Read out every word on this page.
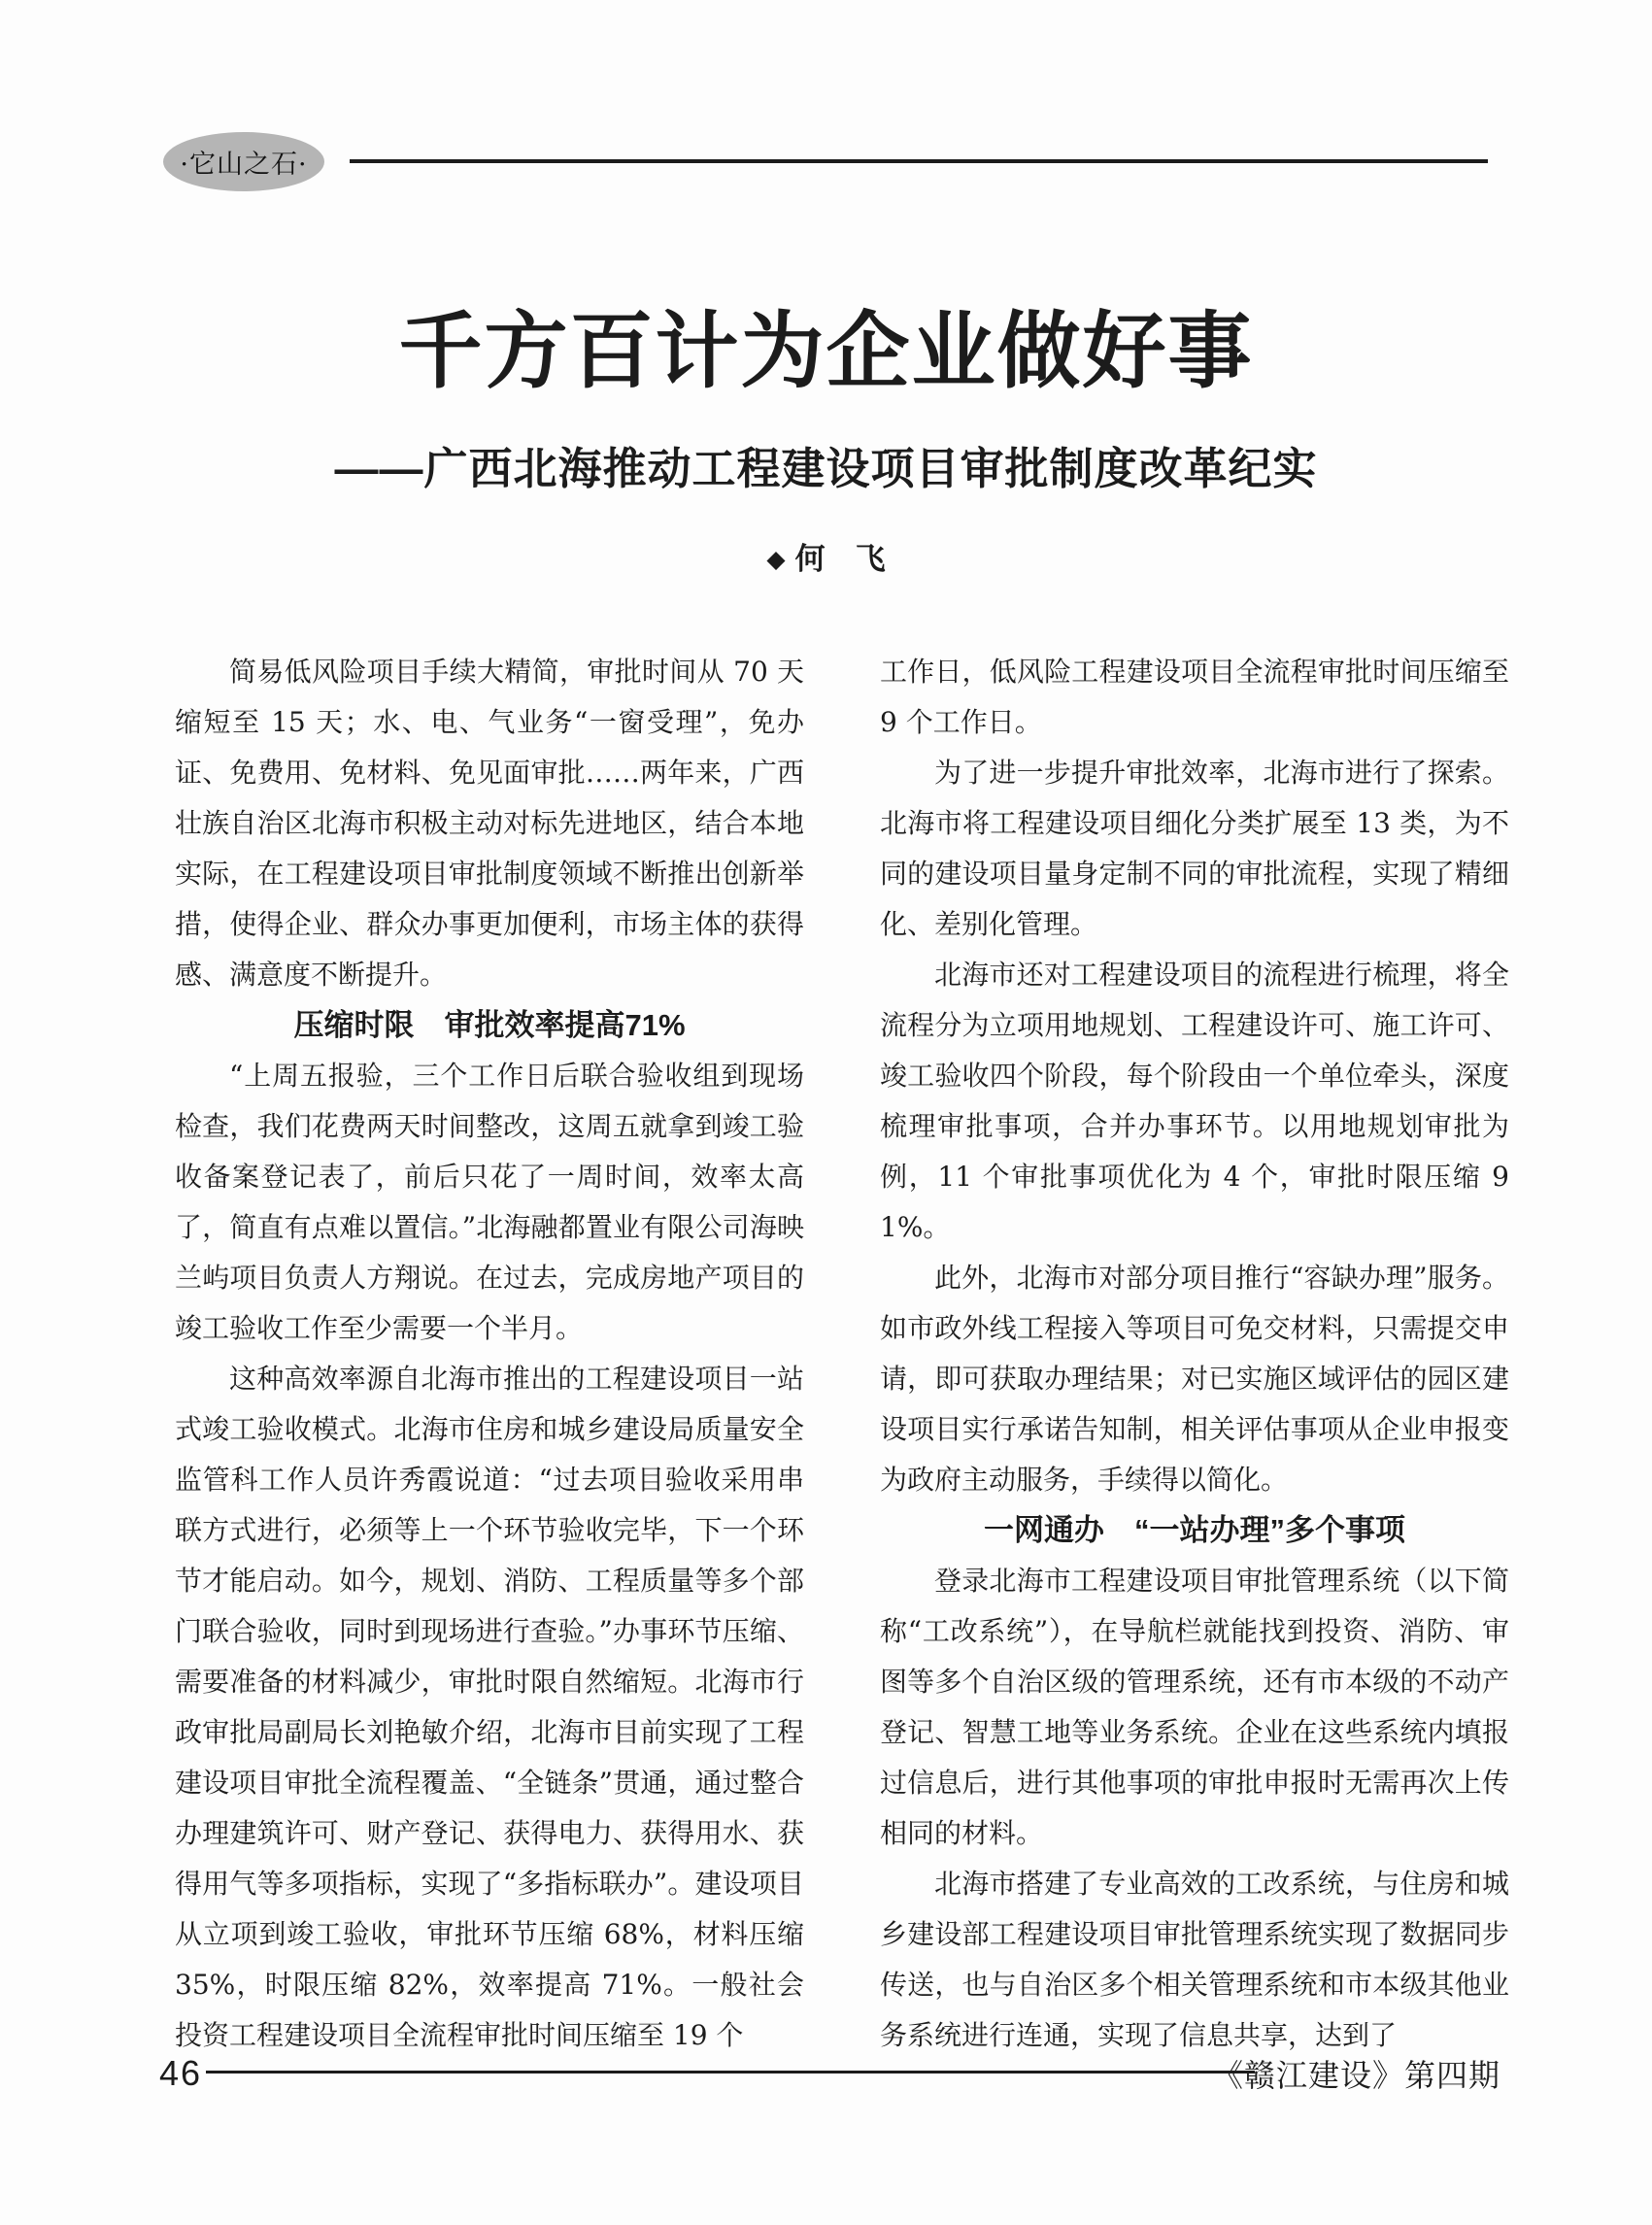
·它山之石·
千方百计为企业做好事
——广西北海推动工程建设项目审批制度改革纪实
◆ 何　飞

简易低风险项目手续大精简，审批时间从 70 天缩短至 15 天；水、电、气业务“一窗受理”，免办证、免费用、免材料、免见面审批……两年来，广西壮族自治区北海市积极主动对标先进地区，结合本地实际，在工程建设项目审批制度领域不断推出创新举措，使得企业、群众办事更加便利，市场主体的获得感、满意度不断提升。

压缩时限　审批效率提高71%

“上周五报验，三个工作日后联合验收组到现场检查，我们花费两天时间整改，这周五就拿到竣工验收备案登记表了，前后只花了一周时间，效率太高了，简直有点难以置信。”北海融都置业有限公司海映兰屿项目负责人方翔说。在过去，完成房地产项目的竣工验收工作至少需要一个半月。

这种高效率源自北海市推出的工程建设项目一站式竣工验收模式。北海市住房和城乡建设局质量安全监管科工作人员许秀霞说道：“过去项目验收采用串联方式进行，必须等上一个环节验收完毕，下一个环节才能启动。如今，规划、消防、工程质量等多个部门联合验收，同时到现场进行查验。”办事环节压缩、需要准备的材料减少，审批时限自然缩短。北海市行政审批局副局长刘艳敏介绍，北海市目前实现了工程建设项目审批全流程覆盖、“全链条”贯通，通过整合办理建筑许可、财产登记、获得电力、获得用水、获得用气等多项指标，实现了“多指标联办”。建设项目从立项到竣工验收，审批环节压缩 68%，材料压缩 35%，时限压缩 82%，效率提高 71%。一般社会投资工程建设项目全流程审批时间压缩至 19 个

工作日，低风险工程建设项目全流程审批时间压缩至 9 个工作日。

为了进一步提升审批效率，北海市进行了探索。北海市将工程建设项目细化分类扩展至 13 类，为不同的建设项目量身定制不同的审批流程，实现了精细化、差别化管理。

北海市还对工程建设项目的流程进行梳理，将全流程分为立项用地规划、工程建设许可、施工许可、竣工验收四个阶段，每个阶段由一个单位牵头，深度梳理审批事项，合并办事环节。以用地规划审批为例，11 个审批事项优化为 4 个，审批时限压缩 91%。

此外，北海市对部分项目推行“容缺办理”服务。如市政外线工程接入等项目可免交材料，只需提交申请，即可获取办理结果；对已实施区域评估的园区建设项目实行承诺告知制，相关评估事项从企业申报变为政府主动服务，手续得以简化。

一网通办　“一站办理”多个事项

登录北海市工程建设项目审批管理系统（以下简称“工改系统”），在导航栏就能找到投资、消防、审图等多个自治区级的管理系统，还有市本级的不动产登记、智慧工地等业务系统。企业在这些系统内填报过信息后，进行其他事项的审批申报时无需再次上传相同的材料。

北海市搭建了专业高效的工改系统，与住房和城乡建设部工程建设项目审批管理系统实现了数据同步传送，也与自治区多个相关管理系统和市本级其他业务系统进行连通，实现了信息共享，达到了

46	《赣江建设》第四期
